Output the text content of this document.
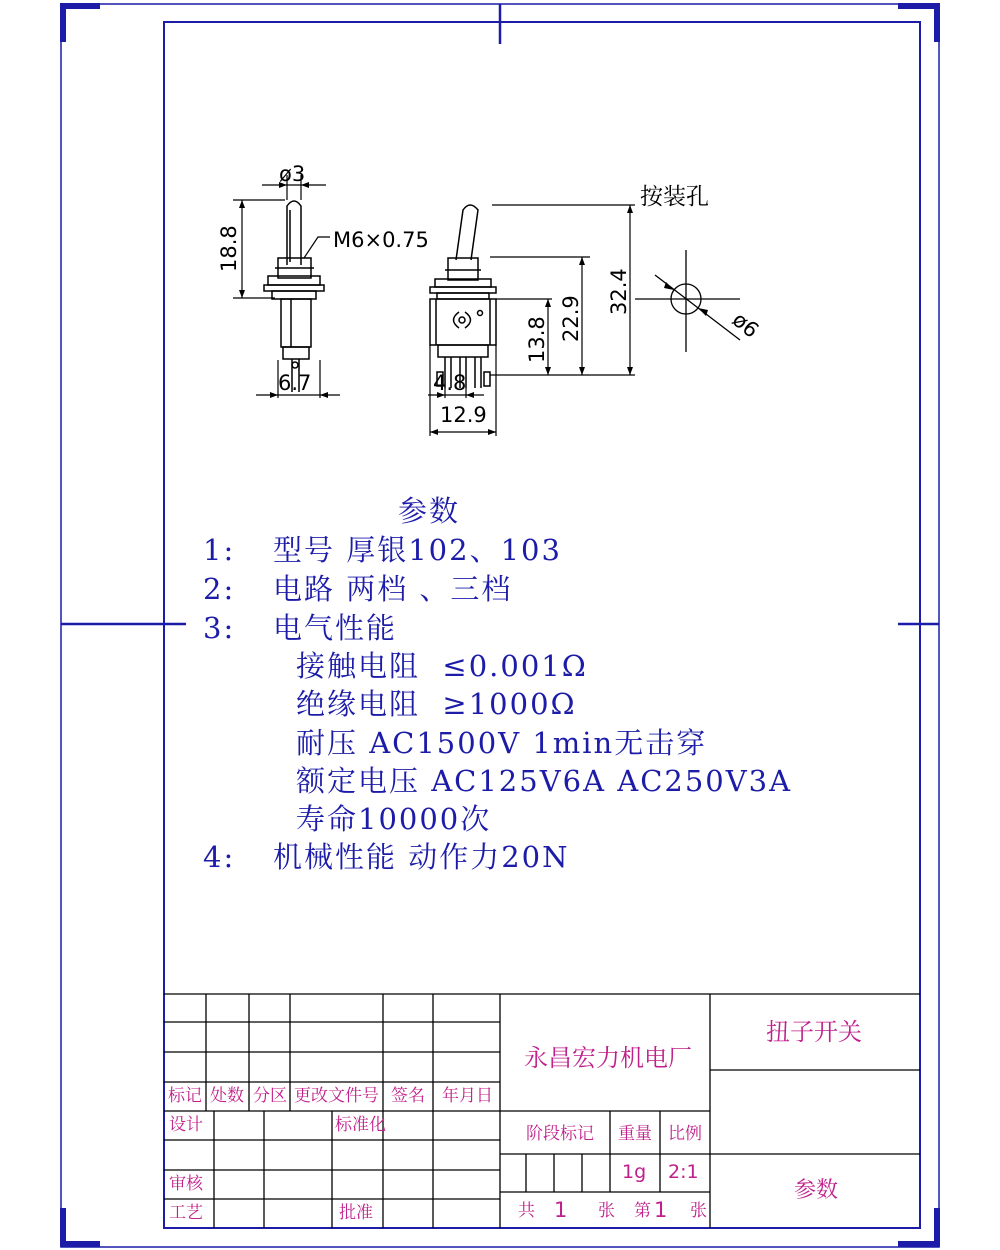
ø3
M6×0.75
18.8
6.7
13.8 22.9
32.4
4.8
12.9
按装孔
ø6
参数
1: 型号 厚银102、103
2: 电路 两档 、三档
3: 电气性能
接触电阻  ≤0.001Ω
绝缘电阻  ≥1000Ω
耐压 AC1500V 1min无击穿
额定电压 AC125V6A AC250V3A
寿命10000次
4: 机械性能 动作力20N
标记 处数 分区 更改文件号 签名 年月日
设计	标准化
审核
工艺	批准
永昌宏力机电厂
扭子开关
阶段标记 重量 比例
1g 2:1
共 1 张 第 1 张
参数
